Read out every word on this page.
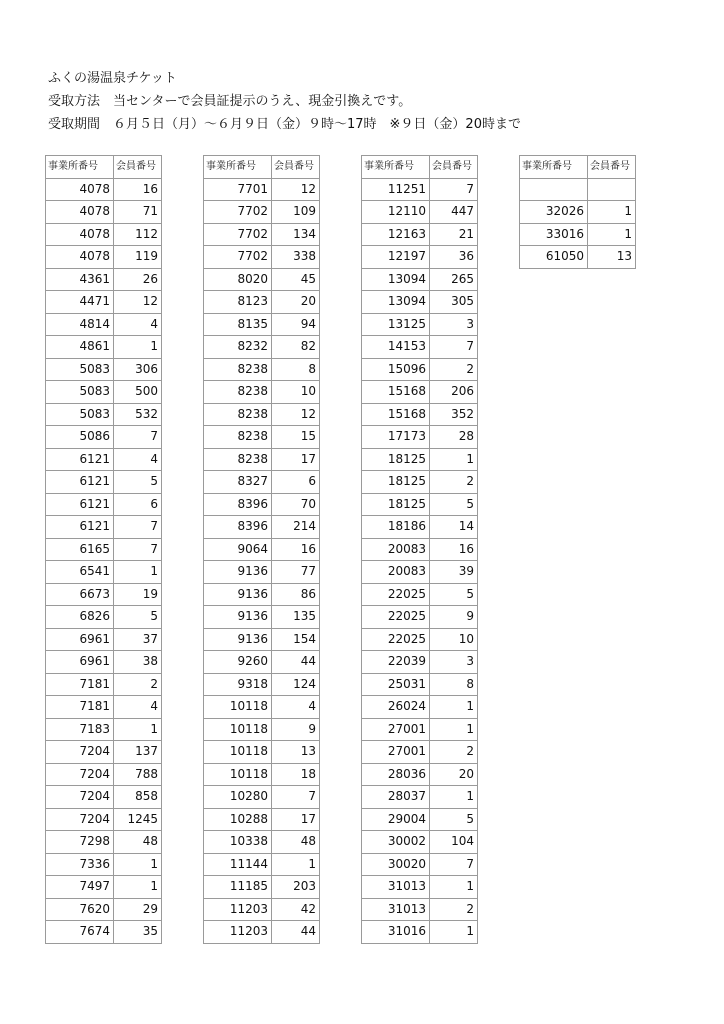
ふくの湯温泉チケット
受取方法　当センターで会員証提示のうえ、現金引換えです。
受取期間　６月５日（月）～６月９日（金）９時～17時　※９日（金）20時まで
事業所番号	会員番号
4078	16
4078	71
4078	112
4078	119
4361	26
4471	12
4814	4
4861	1
5083	306
5083	500
5083	532
5086	7
6121	4
6121	5
6121	6
6121	7
6165	7
6541	1
6673	19
6826	5
6961	37
6961	38
7181	2
7181	4
7183	1
7204	137
7204	788
7204	858
7204	1245
7298	48
7336	1
7497	1
7620	29
7674	35
事業所番号	会員番号
7701	12
7702	109
7702	134
7702	338
8020	45
8123	20
8135	94
8232	82
8238	8
8238	10
8238	12
8238	15
8238	17
8327	6
8396	70
8396	214
9064	16
9136	77
9136	86
9136	135
9136	154
9260	44
9318	124
10118	4
10118	9
10118	13
10118	18
10280	7
10288	17
10338	48
11144	1
11185	203
11203	42
11203	44
事業所番号	会員番号
11251	7
12110	447
12163	21
12197	36
13094	265
13094	305
13125	3
14153	7
15096	2
15168	206
15168	352
17173	28
18125	1
18125	2
18125	5
18186	14
20083	16
20083	39
22025	5
22025	9
22025	10
22039	3
25031	8
26024	1
27001	1
27001	2
28036	20
28037	1
29004	5
30002	104
30020	7
31013	1
31013	2
31016	1
事業所番号	会員番号

32026	1
33016	1
61050	13
